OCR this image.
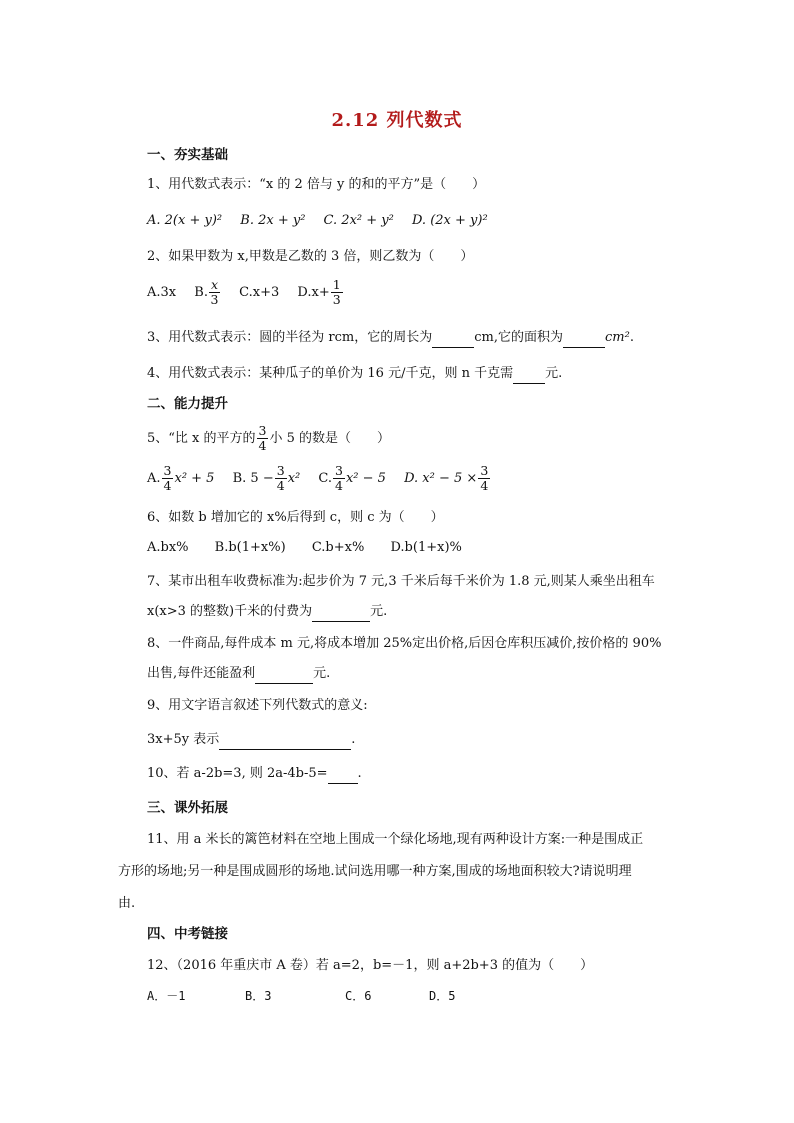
2.12 列代数式
一、夯实基础
1、用代数式表示：“x 的 2 倍与 y 的和的平方”是（　　）
A. 2(x + y)² B. 2x + y² C. 2x² + y² D. (2x + y)²
2、如果甲数为 x,甲数是乙数的 3 倍，则乙数为（　　）
A.3x B. $\frac{x}{3} C.x+3$ $D.x+ \frac{1}{3}$
3、用代数式表示：圆的半径为 rcm，它的周长为	cm,它的面积为	cm².
4、用代数式表示：某种瓜子的单价为 16 元/千克，则 n 千克需 元.
二、能力提升
5、“比 x 的平方的 $\frac{3}{4}$ 小 5 的数是（　　）
A. $\frac{3}{4} x^2 + 5$ B. $5 - \frac{3}{4} x^2$ C. $\frac{3}{4} x^2 - 5$ D. $x^2 - 5 \times \frac{3}{4}$
6、如数 b 增加它的 x%后得到 c，则 c 为（　　）
A.bx% B.b(1+x%) C.b+x% D.b(1+x)%
7、某市出租车收费标准为:起步价为 7 元,3 千米后每千米价为 1.8 元,则某人乘坐出租车
x(x>3 的整数)千米的付费为	元.
8、一件商品,每件成本 m 元,将成本增加 25%定出价格,后因仓库积压减价,按价格的 90%
出售,每件还能盈利	元.
9、用文字语言叙述下列代数式的意义:
3x+5y 表示	.
10、若 a-2b=3, 则 2a-4b-5= .
三、课外拓展
11、用 a 米长的篱笆材料在空地上围成一个绿化场地,现有两种设计方案:一种是围成正
方形的场地;另一种是围成圆形的场地.试问选用哪一种方案,围成的场地面积较大?请说明理
由.
四、中考链接
12、（2016 年重庆市 A 卷）若 a=2，b=－1，则 a+2b+3 的值为（　　）
A．－1	B．3	C．6	D．5
